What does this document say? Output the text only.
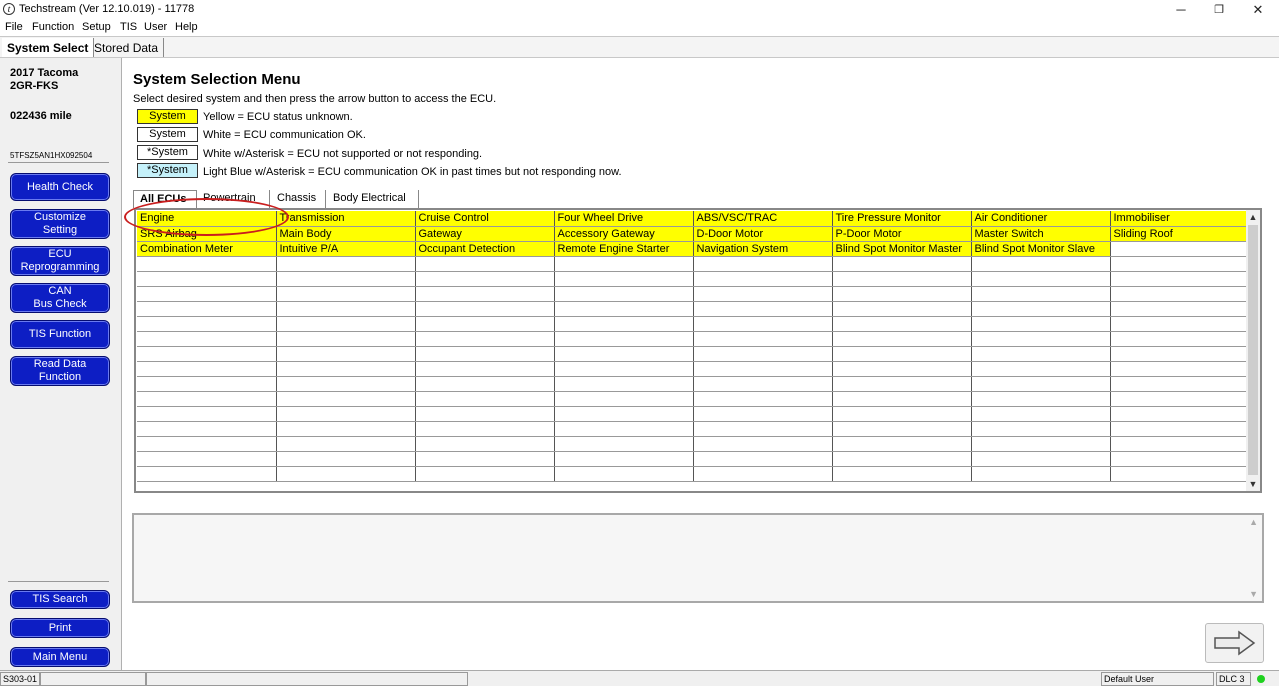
t Techstream (Ver 12.10.019) - 11778	─	❐	✕
File Function Setup TIS User Help
System Select Stored Data
2017 Tacoma
2GR-FKS
022436 mile
5TFSZ5AN1HX092504
Health Check
Customize
Setting
ECU
Reprogramming
CAN
Bus Check
TIS Function
Read Data
Function
TIS Search
Print
Main Menu
System Selection Menu
Select desired system and then press the arrow button to access the ECU.
System	Yellow = ECU status unknown.
System	White = ECU communication OK.
*System	White w/Asterisk = ECU not supported or not responding.
*System	Light Blue w/Asterisk = ECU communication OK in past times but not responding now.
All ECUs	Powertrain	Chassis	Body Electrical
Engine	Transmission	Cruise Control	Four Wheel Drive	ABS/VSC/TRAC	Tire Pressure Monitor	Air Conditioner	Immobiliser
SRS Airbag	Main Body	Gateway	Accessory Gateway	D-Door Motor	P-Door Motor	Master Switch	Sliding Roof
Combination Meter	Intuitive P/A	Occupant Detection	Remote Engine Starter	Navigation System	Blind Spot Monitor Master	Blind Spot Monitor Slave	

▲
▼
▲
▼
S303-01	Default User	DLC 3
